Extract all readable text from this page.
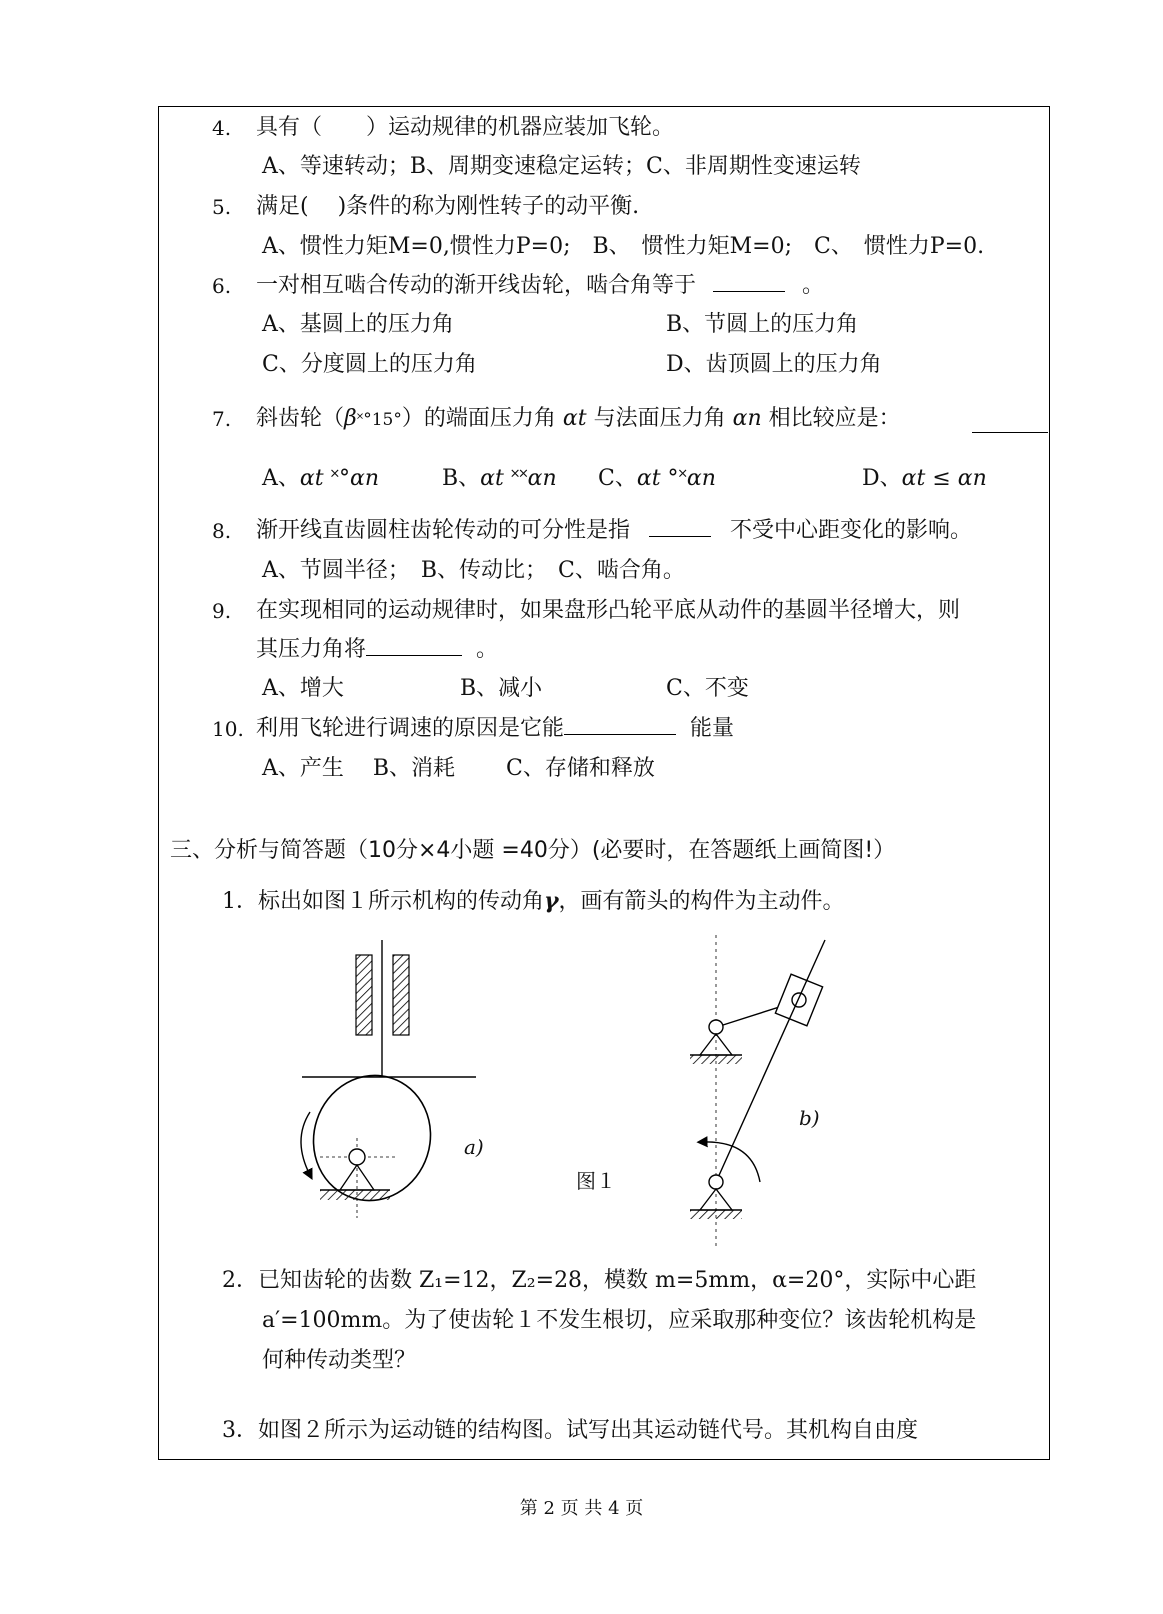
4. 具有（　　）运动规律的机器应装加飞轮。
A、等速转动；B、周期变速稳定运转；C、非周期性变速运转
5. 满足(　 )条件的称为刚性转子的动平衡.
A、惯性力矩M=0,惯性力P=0;　B、　惯性力矩M=0;　C、　惯性力P=0.
6. 一对相互啮合传动的渐开线齿轮，啮合角等于	。
A、基圆上的压力角	B、节圆上的压力角
C、分度圆上的压力角	D、齿顶圆上的压力角
7. 斜齿轮（β˟°15°）的端面压力角 αt 与法面压力角 αn 相比较应是：
A、αt ˟°αn	B、αt ˟˟αn C、αt °˟αn	D、αt ≤ αn
8. 渐开线直齿圆柱齿轮传动的可分性是指	不受中心距变化的影响。
A、节圆半径；　B、传动比；　C、啮合角。
9. 在实现相同的运动规律时，如果盘形凸轮平底从动件的基圆半径增大，则
其压力角将	。
A、增大	B、减小	C、不变
10. 利用飞轮进行调速的原因是它能	能量
A、产生　 B、消耗　　 C、存储和释放
三、分析与简答题（10分×4小题 =40分）(必要时，在答题纸上画简图!）
1．标出如图１所示机构的传动角γ，画有箭头的构件为主动件。
a)
b)
图１
2．已知齿轮的齿数 Z₁=12，Z₂=28，模数 m=5mm，α=20°，实际中心距
a′=100mm。为了使齿轮１不发生根切，应采取那种变位？该齿轮机构是
何种传动类型？
3．如图２所示为运动链的结构图。试写出其运动链代号。其机构自由度
第 2 页 共 4 页
